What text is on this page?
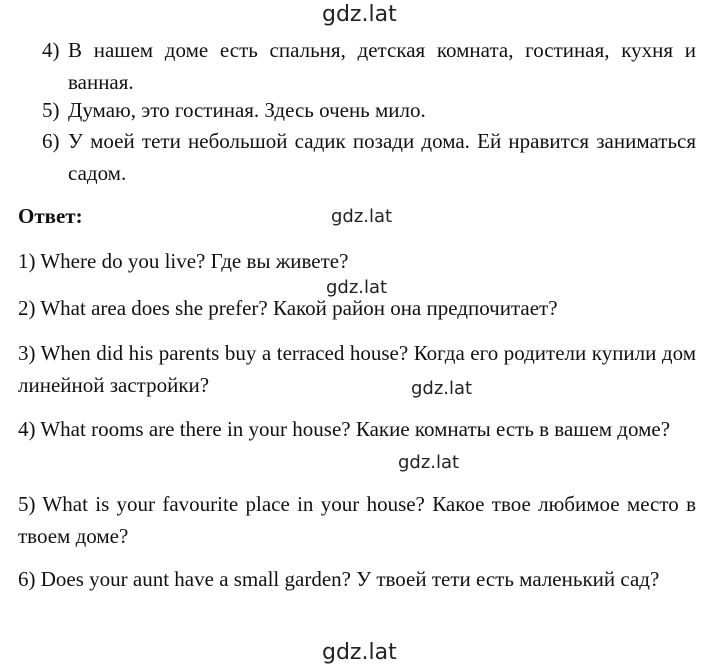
gdz.lat
gdz.lat
gdz.lat
gdz.lat
gdz.lat
gdz.lat
4) В нашем доме есть спальня, детская комната, гостиная, кухня и ванная.
5) Думаю, это гостиная. Здесь очень мило.
6) У моей тети небольшой садик позади дома. Ей нравится заниматься садом.
Ответ:
1) Where do you live? Где вы живете?
2) What area does she prefer? Какой район она предпочитает?
3) When did his parents buy a terraced house? Когда его родители купили дом линейной застройки?
4) What rooms are there in your house? Какие комнаты есть в вашем доме?
5) What is your favourite place in your house? Какое твое любимое место в твоем доме?
6) Does your aunt have a small garden? У твоей тети есть маленький сад?
